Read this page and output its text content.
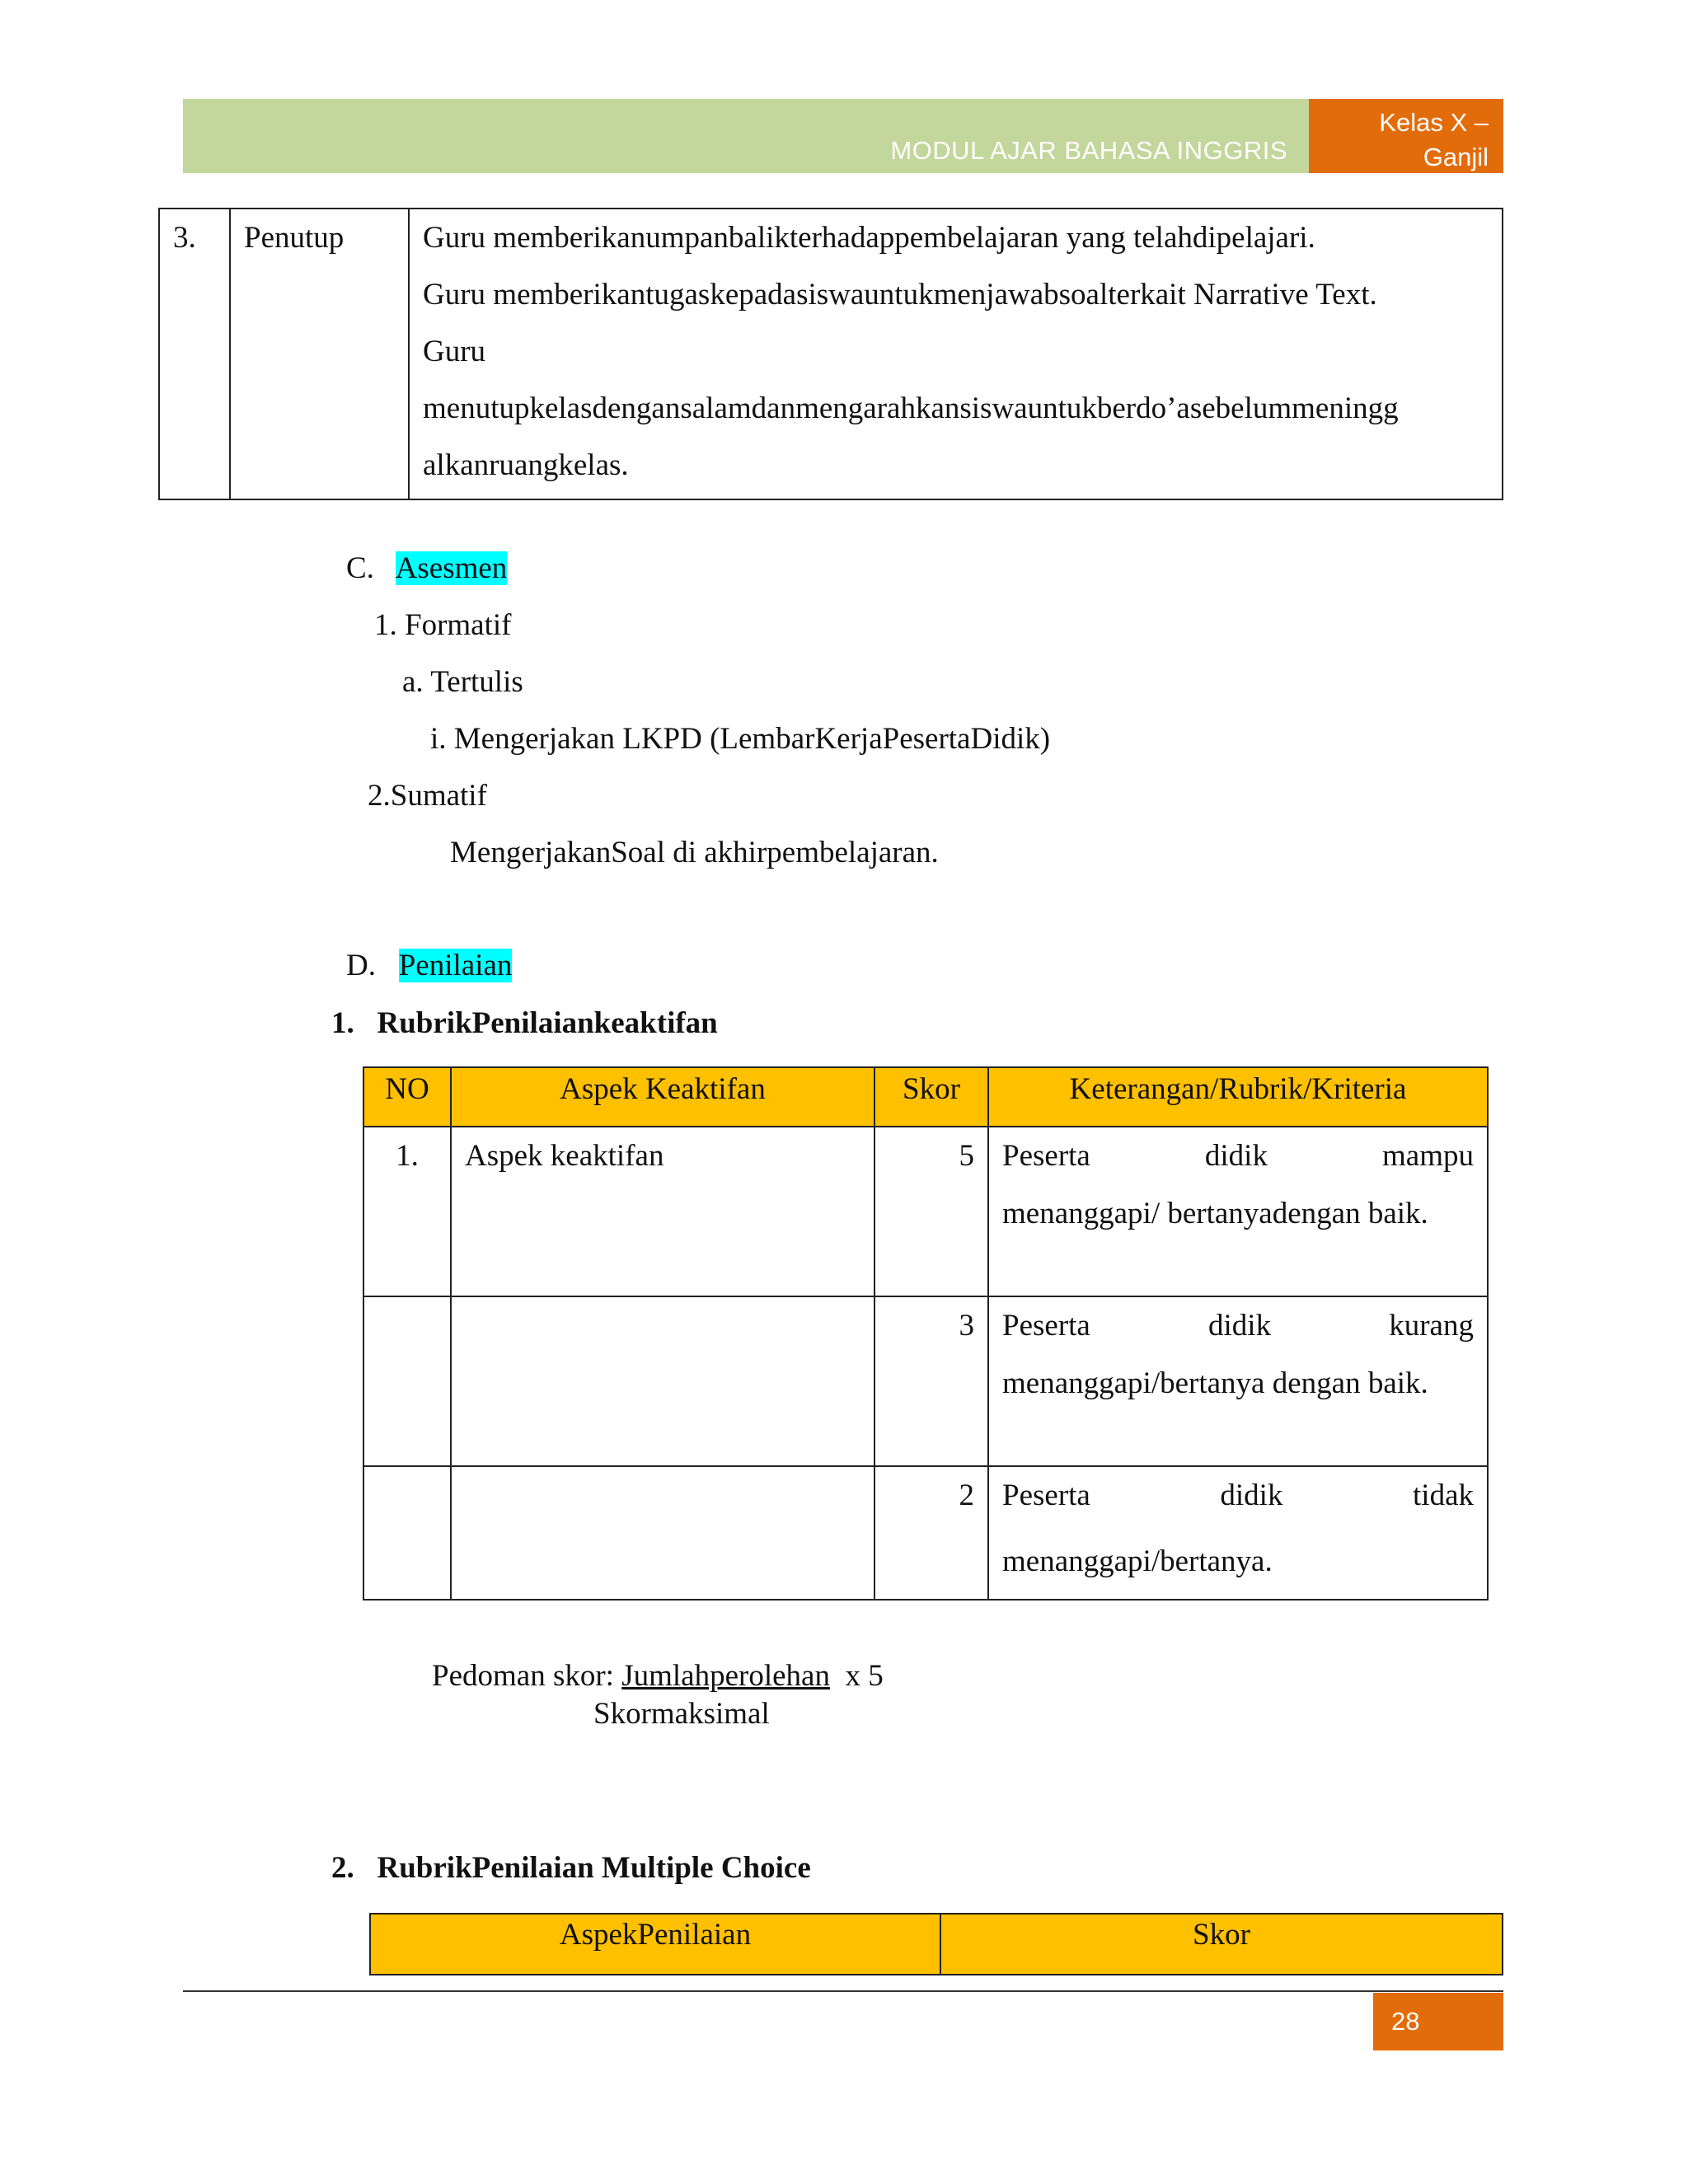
MODUL AJAR BAHASA INGGRIS
Kelas X –
Ganjil
3.	Penutup	Guru memberikanumpanbalikterhadappembelajaran yang telahdipelajari.
Guru memberikantugaskepadasiswauntukmenjawabsoalterkait Narrative Text.
Guru
menutupkelasdengansalamdanmengarahkansiswauntukberdo’asebelummeningg
alkanruangkelas.
C. Asesmen
1. Formatif
a. Tertulis
i. Mengerjakan LKPD (LembarKerjaPesertaDidik)
2.Sumatif
MengerjakanSoal di akhirpembelajaran.
D. Penilaian
1.   RubrikPenilaiankeaktifan
NO	Aspek Keaktifan	Skor	Keterangan/Rubrik/Kriteria
1.	Aspek keaktifan	5	Peserta didik mampu
menanggapi/ bertanyadengan baik.

		3	Peserta didik kurang
menanggapi/bertanya dengan baik.

		2	Peserta didik tidak
menanggapi/bertanya.
Pedoman skor: Jumlahperolehan x 5
Skormaksimal
2.   RubrikPenilaian Multiple Choice
AspekPenilaian	Skor
28
